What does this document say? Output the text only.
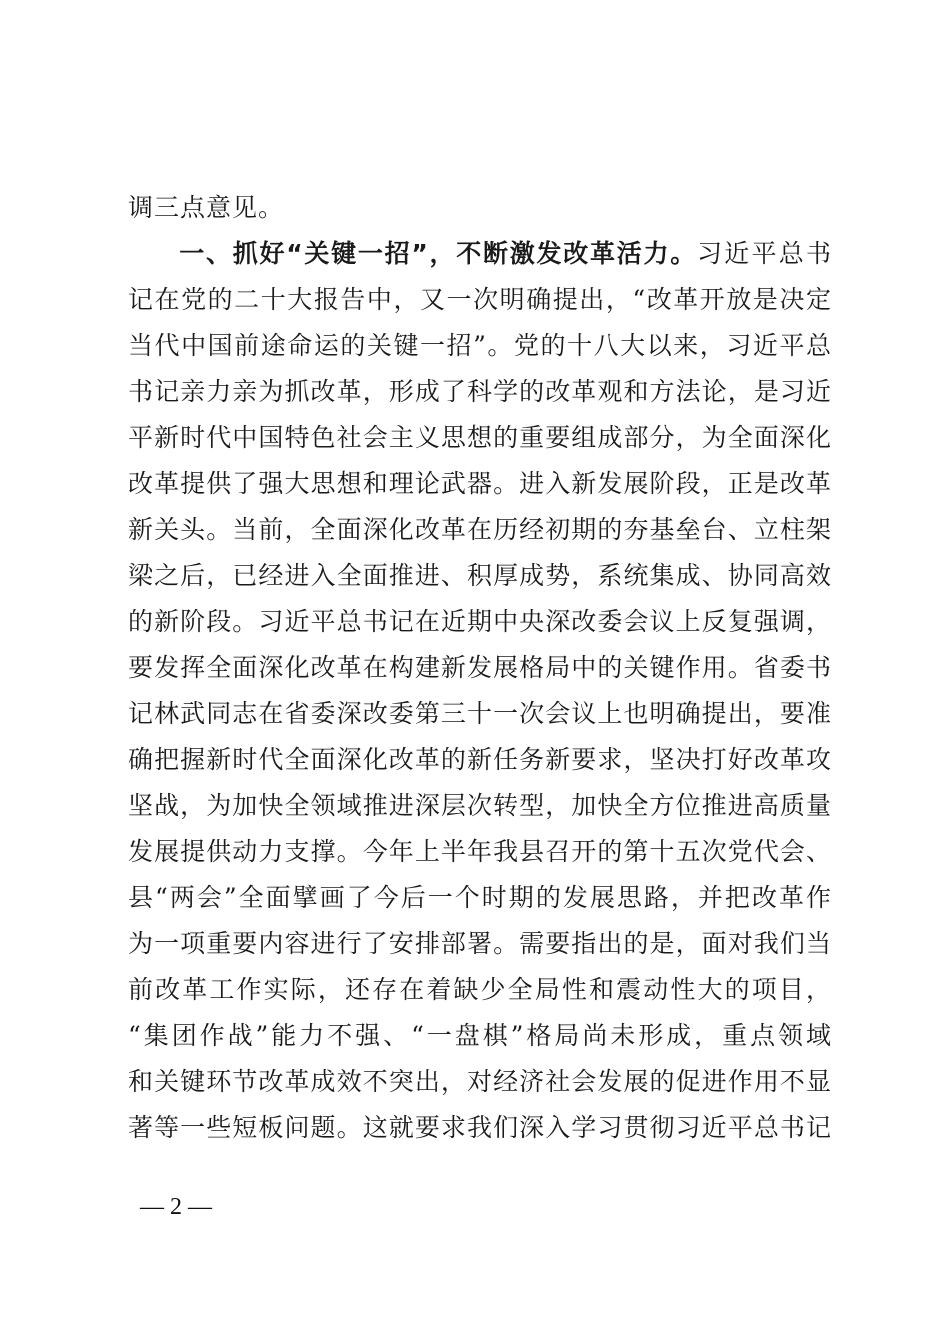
调三点意见。
一、抓好“关键一招”，不断激发改革活力。习近平总书
记在党的二十大报告中，又一次明确提出，“改革开放是决定
当代中国前途命运的关键一招”。党的十八大以来，习近平总
书记亲力亲为抓改革，形成了科学的改革观和方法论，是习近
平新时代中国特色社会主义思想的重要组成部分，为全面深化
改革提供了强大思想和理论武器。进入新发展阶段，正是改革
新关头。当前，全面深化改革在历经初期的夯基垒台、立柱架
梁之后，已经进入全面推进、积厚成势，系统集成、协同高效
的新阶段。习近平总书记在近期中央深改委会议上反复强调，
要发挥全面深化改革在构建新发展格局中的关键作用。省委书
记林武同志在省委深改委第三十一次会议上也明确提出，要准
确把握新时代全面深化改革的新任务新要求，坚决打好改革攻
坚战，为加快全领域推进深层次转型，加快全方位推进高质量
发展提供动力支撑。今年上半年我县召开的第十五次党代会、
县“两会”全面擘画了今后一个时期的发展思路，并把改革作
为一项重要内容进行了安排部署。需要指出的是，面对我们当
前改革工作实际，还存在着缺少全局性和震动性大的项目，
“集团作战”能力不强、“一盘棋”格局尚未形成，重点领域
和关键环节改革成效不突出，对经济社会发展的促进作用不显
著等一些短板问题。这就要求我们深入学习贯彻习近平总书记
— 2 —
